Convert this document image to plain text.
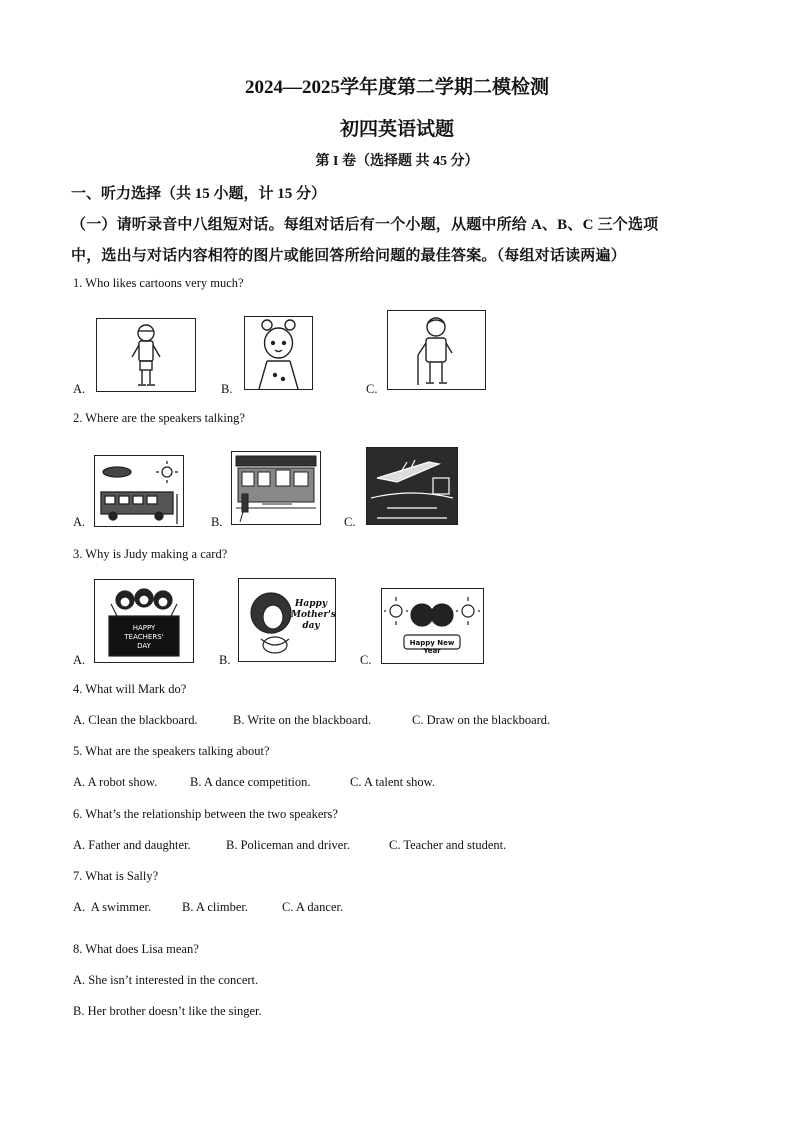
2024—2025学年度第二学期二模检测
初四英语试题
第 I 卷（选择题 共 45 分）
一、听力选择（共 15 小题，计 15 分）
（一）请听录音中八组短对话。每组对话后有一个小题，从题中所给 A、B、C 三个选项
中，选出与对话内容相符的图片或能回答所给问题的最佳答案。（每组对话读两遍）
1. Who likes cartoons very much?
A.	B.	C.
2. Where are the speakers talking?
A.	B.	C.
3. Why is Judy making a card?
A.
HAPPY TEACHERS' DAY
B.
Happy Mother's day
C.
Happy New Year
4. What will Mark do?
A. Clean the blackboard.	B. Write on the blackboard.	C. Draw on the blackboard.
5. What are the speakers talking about?
A. A robot show.	B. A dance competition.	C. A talent show.
6. What’s the relationship between the two speakers?
A. Father and daughter.	B. Policeman and driver.	C. Teacher and student.
7. What is Sally?
A.  A swimmer. B. A climber.	C. A dancer.
8. What does Lisa mean?
A. She isn’t interested in the concert.
B. Her brother doesn’t like the singer.
